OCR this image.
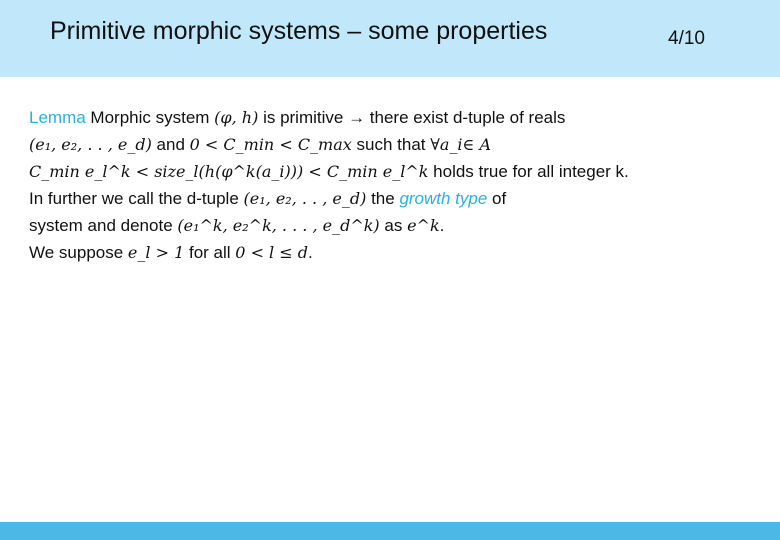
Primitive morphic systems – some properties	4/10
Lemma Morphic system (φ, h) is primitive → there exist d-tuple of reals
(e₁, e₂, . . , e_d) and 0 < C_min < C_max such that ∀a_i∈ A
C_min e_l^k < size_l(h(φ^k(a_i))) < C_min e_l^k holds true for all integer k.
In further we call the d-tuple (e₁, e₂, . . , e_d) the growth type of
system and denote (e₁^k, e₂^k, . . . , e_d^k) as e^k.
We suppose e_l > 1 for all 0 < l ≤ d.
